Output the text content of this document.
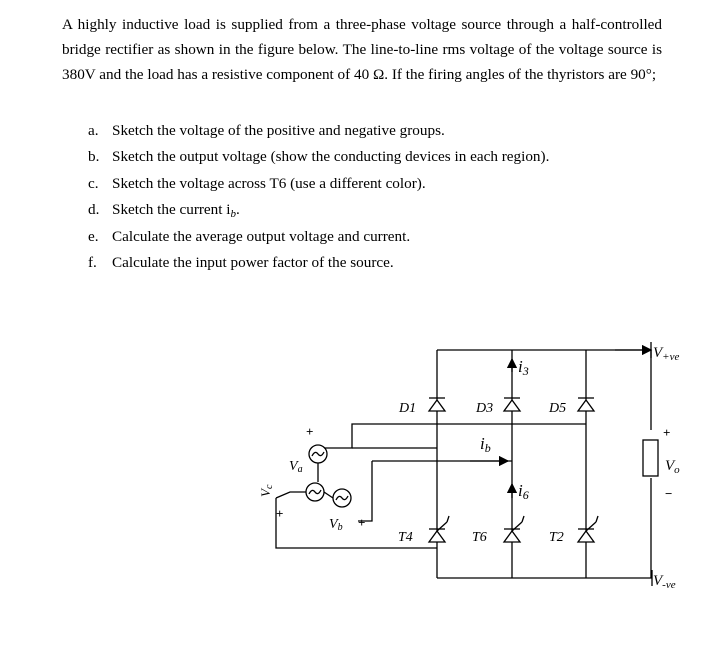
A highly inductive load is supplied from a three-phase voltage source through a half-controlled bridge rectifier as shown in the figure below. The line-to-line rms voltage of the voltage source is 380V and the load has a resistive component of 40 Ω. If the firing angles of the thyristors are 90°;
a. Sketch the voltage of the positive and negative groups.
b. Sketch the output voltage (show the conducting devices in each region).
c. Sketch the voltage across T6 (use a different color).
d. Sketch the current ib.
e. Calculate the average output voltage and current.
f. Calculate the input power factor of the source.
D1	D3	D5
T4	T6	T2
i3
ib
i6
Va
Vb
Vc
$V_{+ve}$
$V_{-ve}$
$V_o$
+
+
+
+
−
